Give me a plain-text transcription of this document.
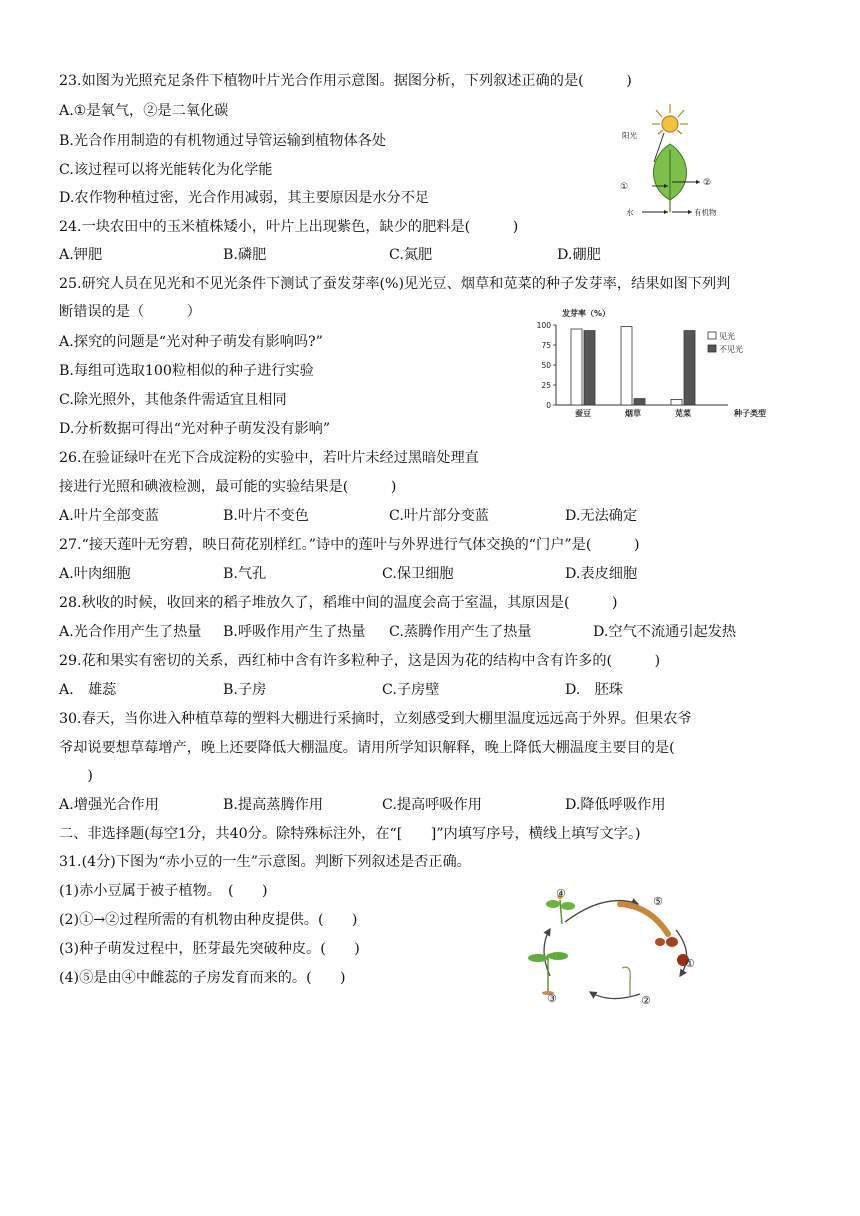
23.如图为光照充足条件下植物叶片光合作用示意图。据图分析，下列叙述正确的是(　　　)
A.①是氧气，②是二氧化碳
B.光合作用制造的有机物通过导管运输到植物体各处
C.该过程可以将光能转化为化学能
D.农作物种植过密，光合作用减弱，其主要原因是水分不足
阳光
①	②
水	有机物
24.一块农田中的玉米植株矮小，叶片上出现紫色，缺少的肥料是(　　　)
A.钾肥	B.磷肥	C.氮肥	D.硼肥
25.研究人员在见光和不见光条件下测试了蚕发芽率(%)见光豆、烟草和苋菜的种子发芽率，结果如图下列判
断错误的是（　　　）
A.探究的问题是“光对种子萌发有影响吗?”
B.每组可选取100粒相似的种子进行实验
C.除光照外，其他条件需适宜且相同
D.分析数据可得出“光对种子萌发没有影响”
发芽率（%）
0
25
50
75
100
蚕豆	烟草	苋菜	种子类型
见光
不见光
26.在验证绿叶在光下合成淀粉的实验中，若叶片未经过黑暗处理直
接进行光照和碘液检测，最可能的实验结果是(　　　)
A.叶片全部变蓝	B.叶片不变色	C.叶片部分变蓝	D.无法确定
27.“接天莲叶无穷碧，映日荷花别样红。”诗中的莲叶与外界进行气体交换的“门户”是(　　　)
A.叶肉细胞	B.气孔	C.保卫细胞	D.表皮细胞
28.秋收的时候，收回来的稻子堆放久了，稻堆中间的温度会高于室温，其原因是(　　　)
A.光合作用产生了热量 B.呼吸作用产生了热量 C.蒸腾作用产生了热量	D.空气不流通引起发热
29.花和果实有密切的关系，西红柿中含有许多粒种子，这是因为花的结构中含有许多的(　　　)
A.　雄蕊	B.子房	C.子房壁	D.　胚珠
30.春天，当你进入种植草莓的塑料大棚进行采摘时，立刻感受到大棚里温度远远高于外界。但果农爷
爷却说要想草莓增产，晚上还要降低大棚温度。请用所学知识解释，晚上降低大棚温度主要目的是(
　　)
A.增强光合作用	B.提高蒸腾作用	C.提高呼吸作用	D.降低呼吸作用
二、非选择题(每空1分，共40分。除特殊标注外，在“[　　]”内填写序号，横线上填写文字。)
31.(4分)下图为“赤小豆的一生”示意图。判断下列叙述是否正确。
(1)赤小豆属于被子植物。　(　　)
(2)①→②过程所需的有机物由种皮提供。(　　)
(3)种子萌发过程中，胚芽最先突破种皮。(　　)
(4)⑤是由④中雌蕊的子房发育而来的。(　　)
④
⑤
①
②
③
